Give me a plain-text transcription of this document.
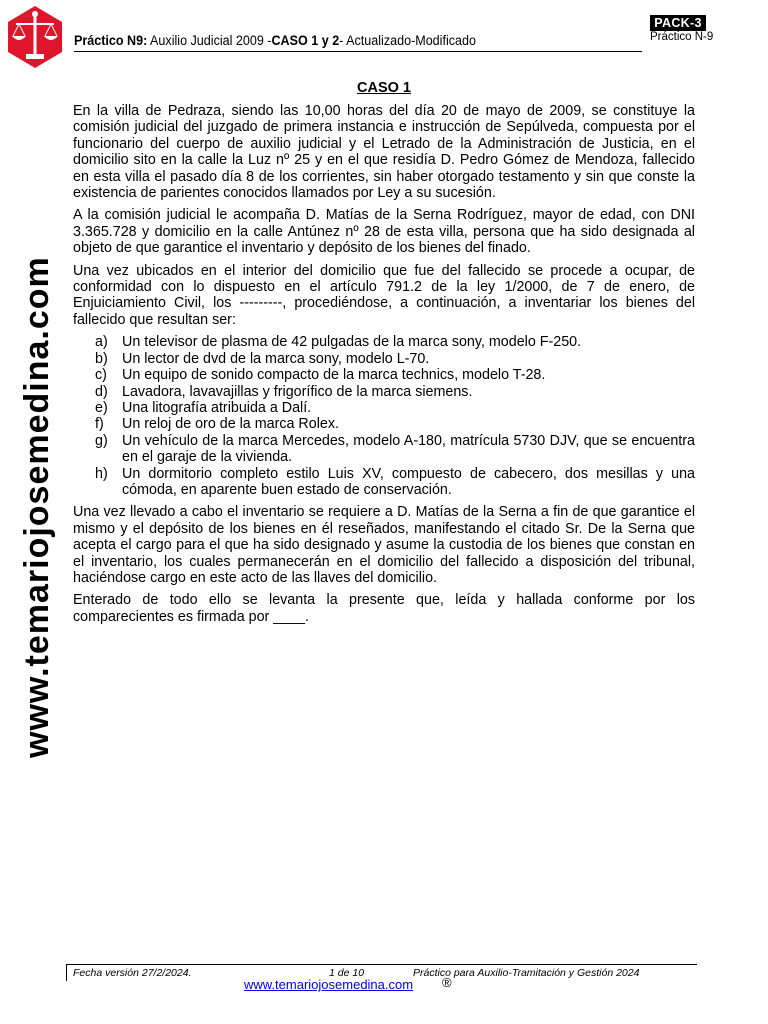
Práctico N9: Auxilio Judicial 2009 -CASO 1 y 2- Actualizado-Modificado
PACK-3
Práctico N-9
www.temariojosemedina.com
CASO 1

En la villa de Pedraza, siendo las 10,00 horas del día 20 de mayo de 2009, se constituye la comisión judicial del juzgado de primera instancia e instrucción de Sepúlveda, compuesta por el funcionario del cuerpo de auxilio judicial y el Letrado de la Administración de Justicia, en el domicilio sito en la calle la Luz nº 25 y en el que residía D. Pedro Gómez de Mendoza, fallecido en esta villa el pasado día 8 de los corrientes, sin haber otorgado testamento y sin que conste la existencia de parientes conocidos llamados por Ley a su sucesión.

A la comisión judicial le acompaña D. Matías de la Serna Rodríguez, mayor de edad, con DNI 3.365.728 y domicilio en la calle Antúnez nº 28 de esta villa, persona que ha sido designada al objeto de que garantice el inventario y depósito de los bienes del finado.

Una vez ubicados en el interior del domicilio que fue del fallecido se procede a ocupar, de conformidad con lo dispuesto en el artículo 791.2 de la ley 1/2000, de 7 de enero, de Enjuiciamiento Civil, los ---------, procediéndose, a continuación, a inventariar los bienes del fallecido que resultan ser:

a) Un televisor de plasma de 42 pulgadas de la marca sony, modelo F-250.
b) Un lector de dvd de la marca sony, modelo L-70.
c)	Un equipo de sonido compacto de la marca technics, modelo T-28.
d) Lavadora, lavavajillas y frigorífico de la marca siemens.
e) Una litografía atribuida a Dalí.
f)	Un reloj de oro de la marca Rolex.
g) Un vehículo de la marca Mercedes, modelo A-180, matrícula 5730 DJV, que se encuentra en el garaje de la vivienda.
h) Un dormitorio completo estilo Luis XV, compuesto de cabecero, dos mesillas y una cómoda, en aparente buen estado de conservación.

Una vez llevado a cabo el inventario se requiere a D. Matías de la Serna a fin de que garantice el mismo y el depósito de los bienes en él reseñados, manifestando el citado Sr. De la Serna que acepta el cargo para el que ha sido designado y asume la custodia de los bienes que constan en el inventario, los cuales permanecerán en el domicilio del fallecido a disposición del tribunal, haciéndose cargo en este acto de las llaves del domicilio.

Enterado de todo ello se levanta la presente que, leída y hallada conforme por los comparecientes es firmada por ____.

Fecha versión 27/2/2024.	1 de 10	Práctico para Auxilio-Tramitación y Gestión 2024
www.temariojosemedina.com ®
